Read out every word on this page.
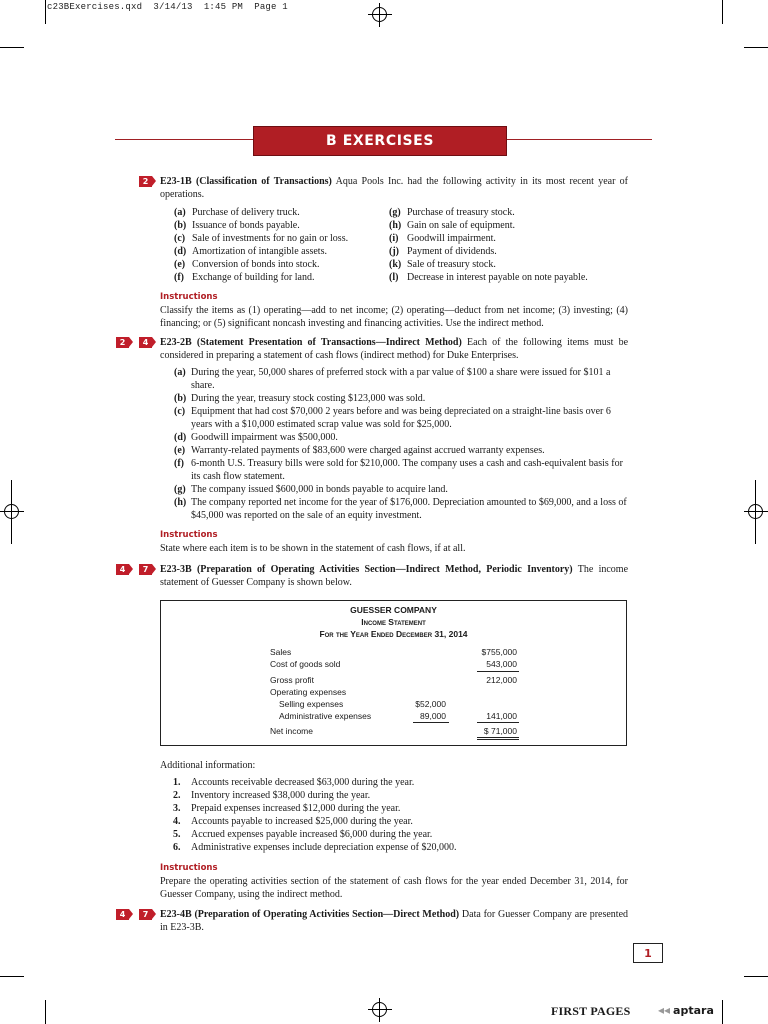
c23BExercises.qxd  3/14/13  1:45 PM  Page 1
B EXERCISES
2	E23-1B (Classification of Transactions) Aqua Pools Inc. had the following activity in its most recent year of operations.
(a) Purchase of delivery truck.
(b) Issuance of bonds payable.
(c) Sale of investments for no gain or loss.
(d) Amortization of intangible assets.
(e) Conversion of bonds into stock.
(f) Exchange of building for land.
(g) Purchase of treasury stock.
(h) Gain on sale of equipment.
(i) Goodwill impairment.
(j) Payment of dividends.
(k) Sale of treasury stock.
(l) Decrease in interest payable on note payable.
Instructions
Classify the items as (1) operating—add to net income; (2) operating—deduct from net income; (3) investing; (4) financing; or (5) significant noncash investing and financing activities. Use the indirect method.
2	4	E23-2B (Statement Presentation of Transactions—Indirect Method) Each of the following items must be considered in preparing a statement of cash flows (indirect method) for Duke Enterprises.
(a) During the year, 50,000 shares of preferred stock with a par value of $100 a share were issued for $101 a share.
(b) During the year, treasury stock costing $123,000 was sold.
(c) Equipment that had cost $70,000 2 years before and was being depreciated on a straight-line basis over 6 years with a $10,000 estimated scrap value was sold for $25,000.
(d) Goodwill impairment was $500,000.
(e) Warranty-related payments of $83,600 were charged against accrued warranty expenses.
(f) 6-month U.S. Treasury bills were sold for $210,000. The company uses a cash and cash-equivalent basis for its cash flow statement.
(g) The company issued $600,000 in bonds payable to acquire land.
(h) The company reported net income for the year of $176,000. Depreciation amounted to $69,000, and a loss of $45,000 was reported on the sale of an equity investment.
Instructions
State where each item is to be shown in the statement of cash flows, if at all.
4	7	E23-3B (Preparation of Operating Activities Section—Indirect Method, Periodic Inventory) The income statement of Guesser Company is shown below.
GUESSER COMPANY
Income Statement
For the Year Ended December 31, 2014
Sales	$755,000
Cost of goods sold	543,000
Gross profit	212,000
Operating expenses
Selling expenses	$52,000
Administrative expenses	89,000	141,000
Net income	$ 71,000
Additional information:
1. Accounts receivable decreased $63,000 during the year.
2. Inventory increased $38,000 during the year.
3. Prepaid expenses increased $12,000 during the year.
4. Accounts payable to increased $25,000 during the year.
5. Accrued expenses payable increased $6,000 during the year.
6. Administrative expenses include depreciation expense of $20,000.
Instructions
Prepare the operating activities section of the statement of cash flows for the year ended December 31, 2014, for Guesser Company, using the indirect method.
4	7	E23-4B (Preparation of Operating Activities Section—Direct Method) Data for Guesser Company are presented in E23-3B.
1
FIRST PAGES ◂◂ aptara
